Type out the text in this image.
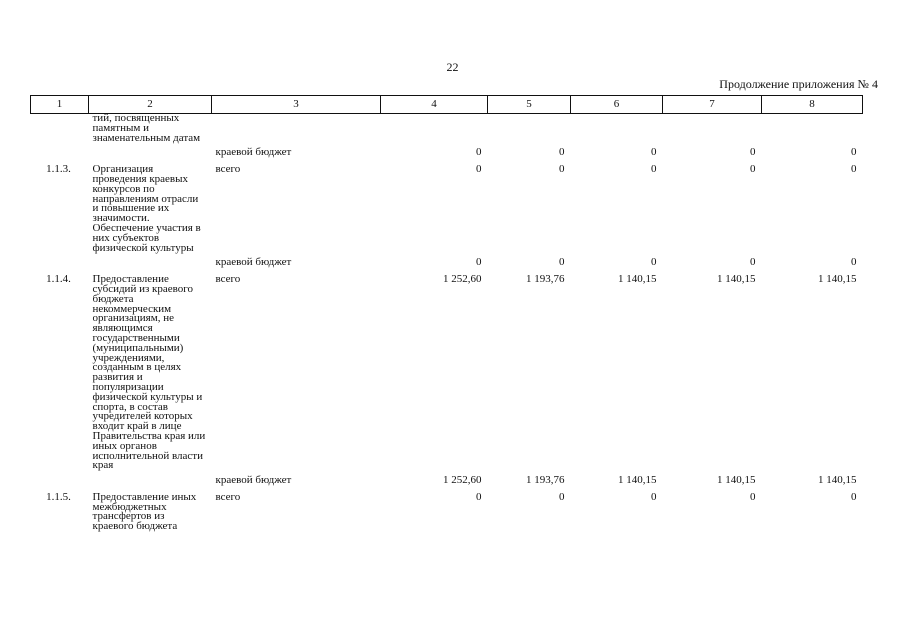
22
Продолжение приложения № 4
1	2	3	4	5	6	7	8
	тий, посвященных памятным и знаменательным датам						
		краевой бюджет	0	0	0	0	0
1.1.3.	Организация проведения краевых конкурсов по направлениям отрасли и повышение их значимости. Обеспечение участия в них субъектов физической культуры	всего	0	0	0	0	0
		краевой бюджет	0	0	0	0	0
1.1.4.	Предоставление субсидий из краевого бюджета некоммерческим организациям, не являющимся государственными (муниципальными) учреждениями, созданным в целях развития и популяризации физической культуры и спорта, в состав учредителей которых входит край в лице Правительства края или иных органов исполнительной власти края	всего	1 252,60	1 193,76	1 140,15	1 140,15	1 140,15
		краевой бюджет	1 252,60	1 193,76	1 140,15	1 140,15	1 140,15
1.1.5.	Предоставление иных межбюджетных трансфертов из краевого бюджета	всего	0	0	0	0	0
